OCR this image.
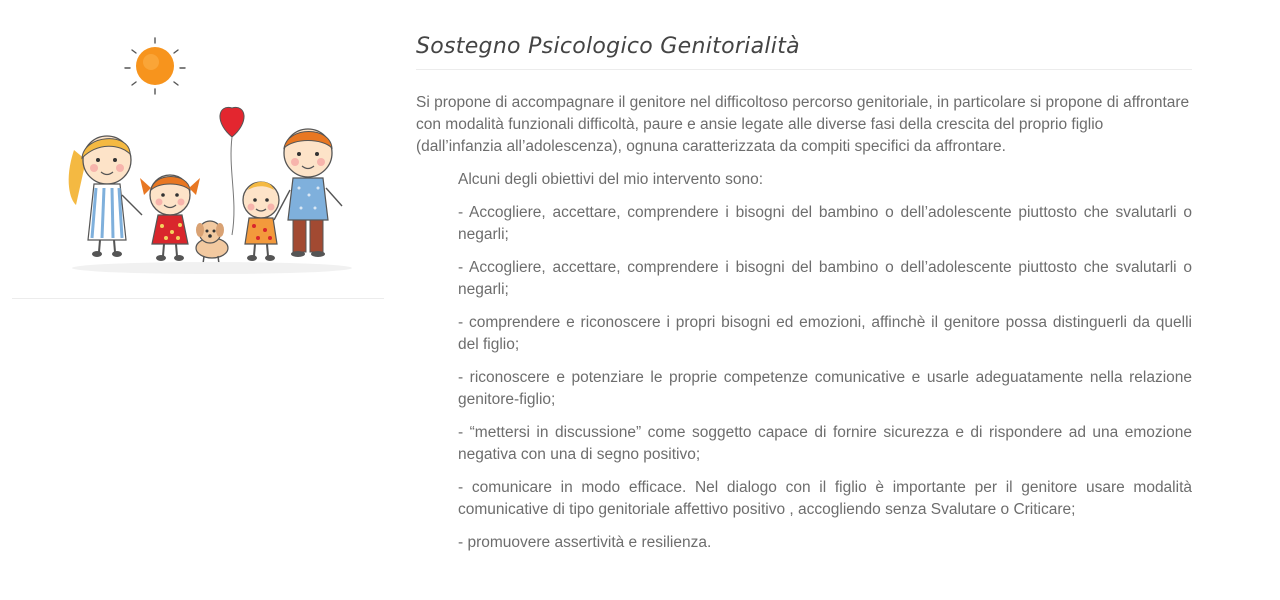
Sostegno Psicologico Genitorialità

Si propone di accompagnare il genitore nel difficoltoso percorso genitoriale, in particolare si propone di affrontare con modalità funzionali difficoltà, paure e ansie legate alle diverse fasi della crescita del proprio figlio (dall’infanzia all’adolescenza), ognuna caratterizzata da compiti specifici da affrontare.

Alcuni degli obiettivi del mio intervento sono:

- Accogliere, accettare, comprendere i bisogni del bambino o dell’adolescente piuttosto che svalutarli o negarli;

- Accogliere, accettare, comprendere i bisogni del bambino o dell’adolescente piuttosto che svalutarli o negarli;

- comprendere e riconoscere i propri bisogni ed emozioni, affinchè il genitore possa distinguerli da quelli del figlio;

- riconoscere e potenziare le proprie competenze comunicative e usarle adeguatamente nella relazione genitore-figlio;

- “mettersi in discussione” come soggetto capace di fornire sicurezza e di rispondere ad una emozione negativa con una di segno positivo;

- comunicare in modo efficace. Nel dialogo con il figlio è importante per il genitore usare modalità comunicative di tipo genitoriale affettivo positivo , accogliendo senza Svalutare o Criticare;

- promuovere assertività e resilienza.
